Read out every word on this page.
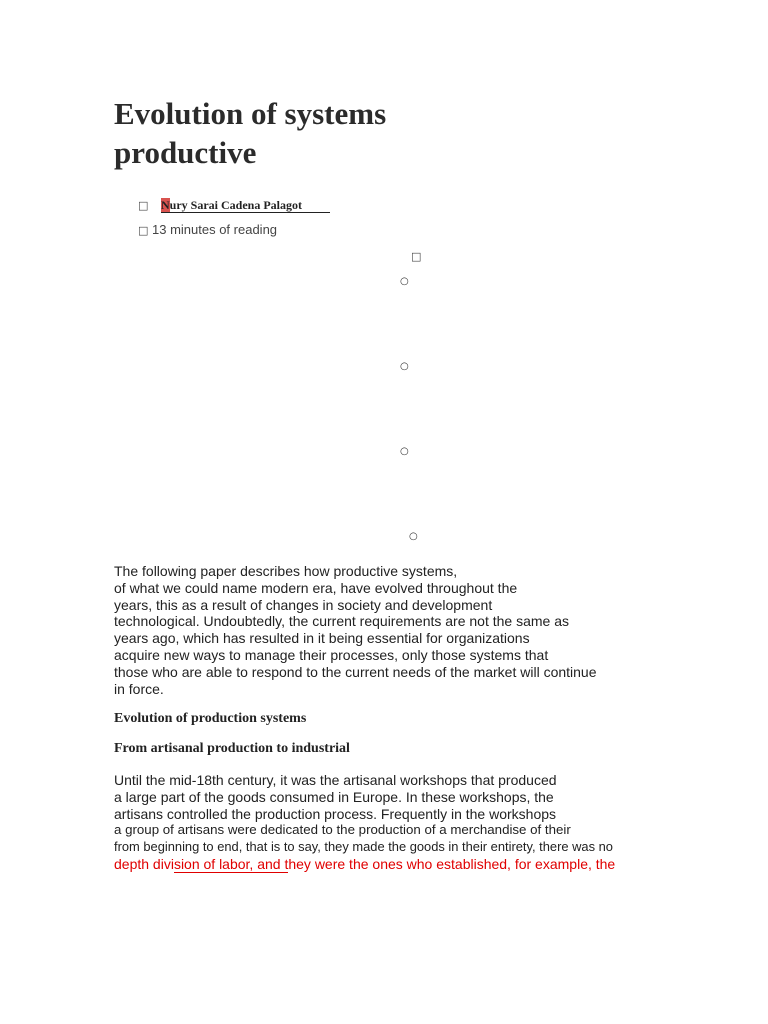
Evolution of systems
productive
□ Nury Sarai Cadena Palagot
□ 13 minutes of reading
□
○
○
○
○
The following paper describes how productive systems,
of what we could name modern era, have evolved throughout the
years, this as a result of changes in society and development
technological. Undoubtedly, the current requirements are not the same as
years ago, which has resulted in it being essential for organizations
acquire new ways to manage their processes, only those systems that
those who are able to respond to the current needs of the market will continue
in force.
Evolution of production systems
From artisanal production to industrial
Until the mid-18th century, it was the artisanal workshops that produced
a large part of the goods consumed in Europe. In these workshops, the
artisans controlled the production process. Frequently in the workshops
a group of artisans were dedicated to the production of a merchandise of their
from beginning to end, that is to say, they made the goods in their entirety, there was no
depth division of labor, and they were the ones who established, for example, the
